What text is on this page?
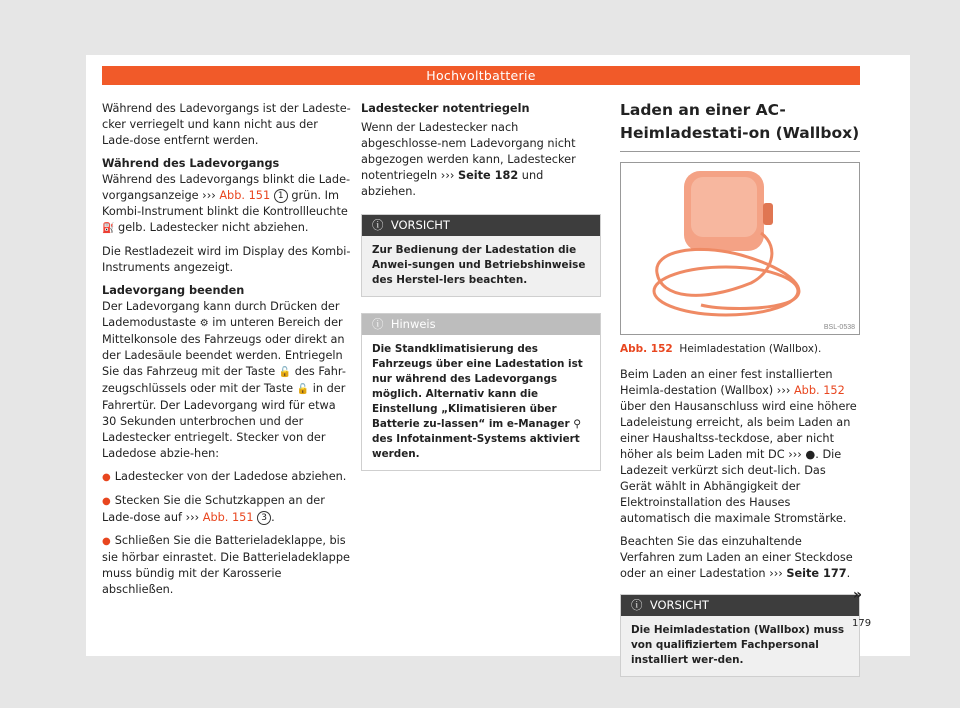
Hochvoltbatterie

Während des Ladevorgangs ist der Ladeste-cker verriegelt und kann nicht aus der Lade-dose entfernt werden.

Während des Ladevorgangs

Während des Ladevorgangs blinkt die Lade-vorgangsanzeige ››› Abb. 151 1 grün. Im Kombi-Instrument blinkt die Kontrollleuchte ⛽ gelb. Ladestecker nicht abziehen.

Die Restladezeit wird im Display des Kombi-Instruments angezeigt.

Ladevorgang beenden

Der Ladevorgang kann durch Drücken der Lademodustaste ⚙ im unteren Bereich der Mittelkonsole des Fahrzeugs oder direkt an der Ladesäule beendet werden. Entriegeln Sie das Fahrzeug mit der Taste 🔓 des Fahr-zeugschlüssels oder mit der Taste 🔓 in der Fahrertür. Der Ladevorgang wird für etwa 30 Sekunden unterbrochen und der Ladestecker entriegelt. Stecker von der Ladedose abzie-hen:

● Ladestecker von der Ladedose abziehen.

● Stecken Sie die Schutzkappen an der Lade-dose auf ››› Abb. 151 3 .

● Schließen Sie die Batterieladeklappe, bis sie hörbar einrastet. Die Batterieladeklappe muss bündig mit der Karosserie abschließen.

Ladestecker notentriegeln

Wenn der Ladestecker nach abgeschlosse-nem Ladevorgang nicht abgezogen werden kann, Ladestecker notentriegeln ››› Seite 182 und abziehen.

ⓘ  VORSICHT
Zur Bedienung der Ladestation die Anwei-sungen und Betriebshinweise des Herstel-lers beachten.
ⓘ  Hinweis
Die Standklimatisierung des Fahrzeugs über eine Ladestation ist nur während des Ladevorgangs möglich. Alternativ kann die Einstellung „Klimatisieren über Batterie zu-lassen“ im e-Manager ⚲ des Infotainment-Systems aktiviert werden.
Laden an einer AC-Heimladestati-on (Wallbox)
BSL-0538
Abb. 152 Heimladestation (Wallbox).

Beim Laden an einer fest installierten Heimla-destation (Wallbox) ››› Abb. 152 über den Hausanschluss wird eine höhere Ladeleistung erreicht, als beim Laden an einer Haushaltss-teckdose, aber nicht höher als beim Laden mit DC ››› ●. Die Ladezeit verkürzt sich deut-lich. Das Gerät wählt in Abhängigkeit der Elektroinstallation des Hauses automatisch die maximale Stromstärke.

Beachten Sie das einzuhaltende Verfahren zum Laden an einer Steckdose oder an einer Ladestation ››› Seite 177.

ⓘ  VORSICHT
Die Heimladestation (Wallbox) muss von qualifiziertem Fachpersonal installiert wer-den.
»
179
